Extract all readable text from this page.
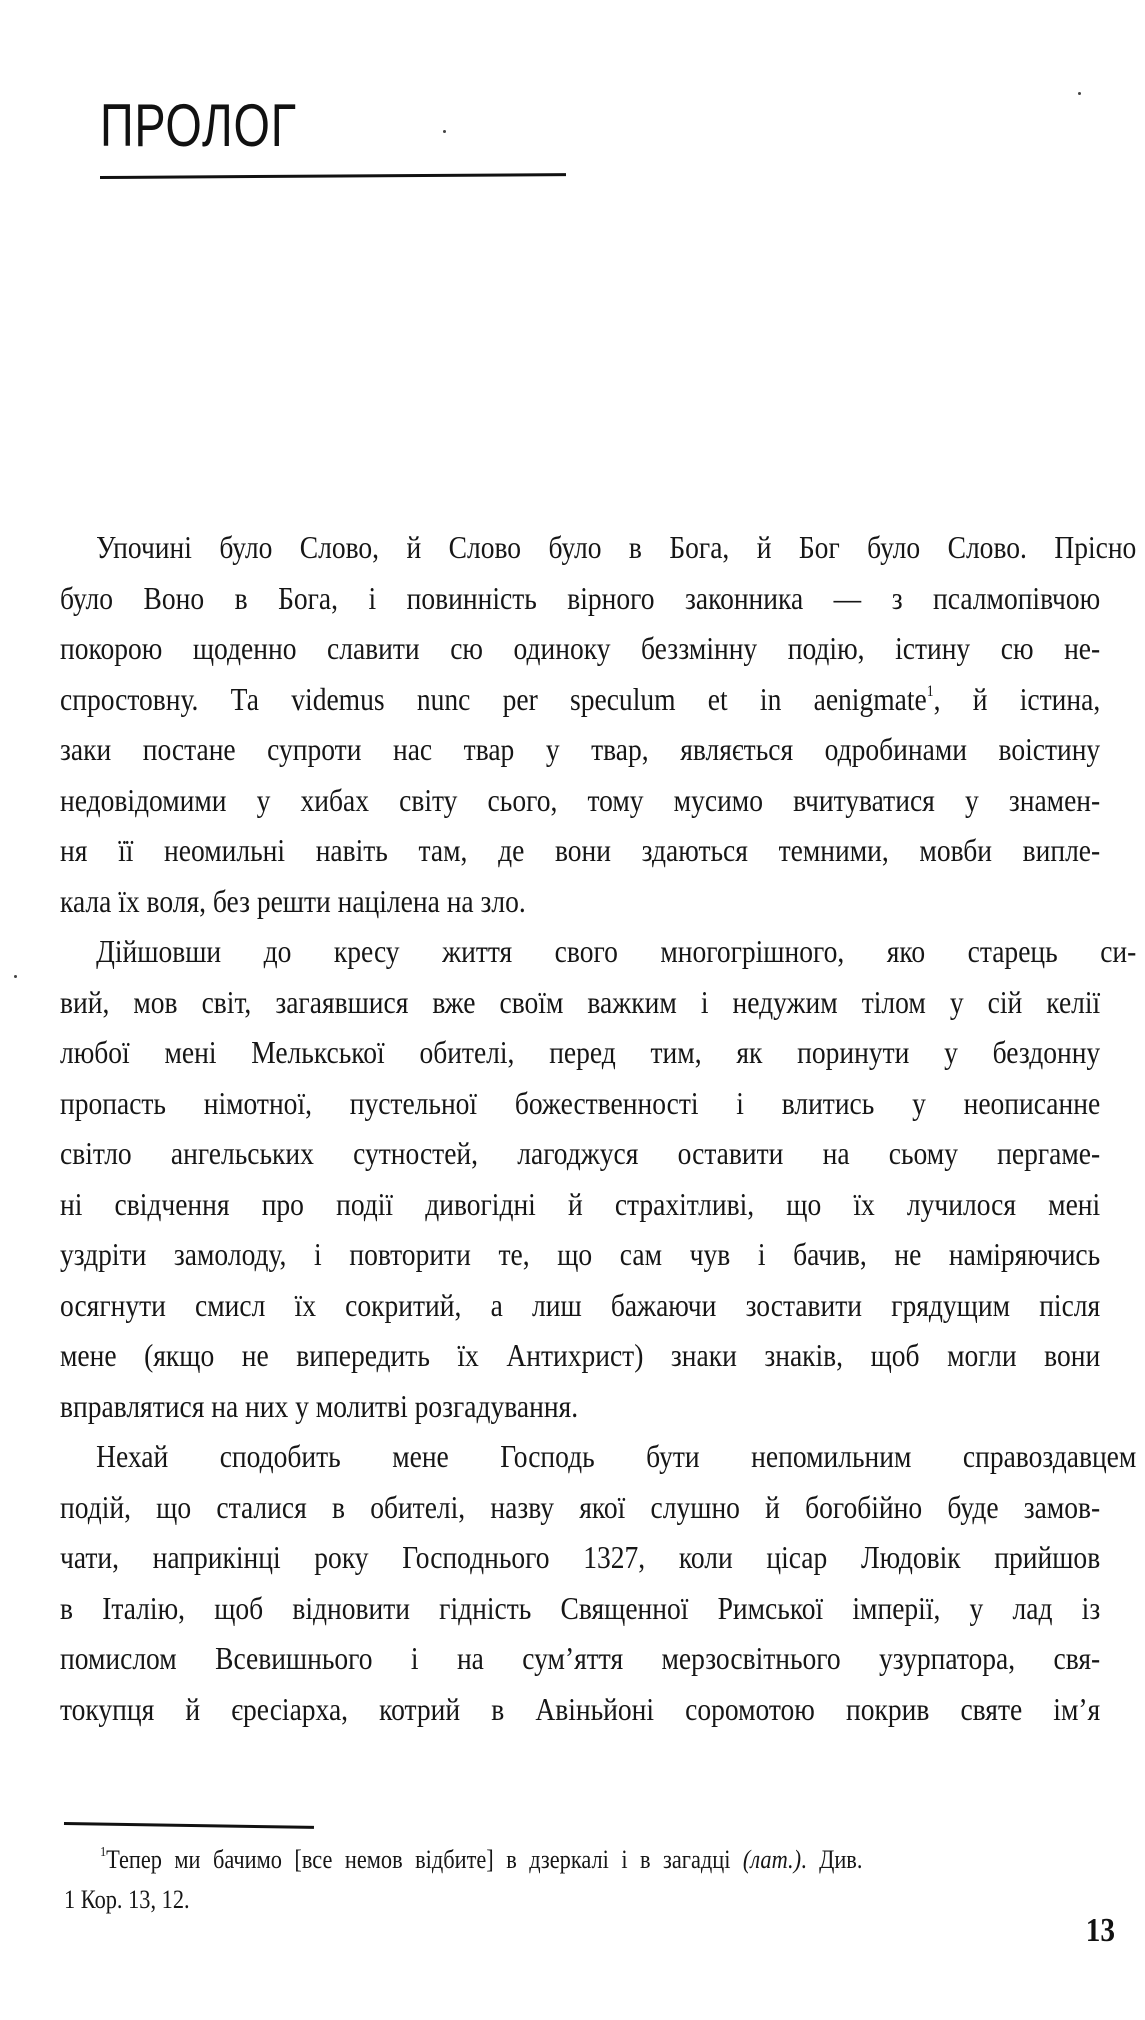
ПРОЛОГ
Упочині було Слово, й Слово було в Бога, й Бог було Слово. Прісно
було Воно в Бога, і повинність вірного законника — з псалмопівчою
покорою щоденно славити сю одиноку беззмінну подію, істину сю не-
спростовну. Та videmus nunc per speculum et in aenigmate$^1$, й істина,
заки постане супроти нас твар у твар, являється одробинами воістину
недовідомими у хибах світу сього, тому мусимо вчитуватися у знамен-
ня її неомильні навіть там, де вони здаються темними, мовби випле-
кала їх воля, без решти націлена на зло.
Дійшовши до кресу життя свого многогрішного, яко старець си-
вий, мов світ, загаявшися вже своїм важким і недужим тілом у сій келії
любої мені Мелькської обителі, перед тим, як поринути у бездонну
пропасть німотної, пустельної божественності і влитись у неописанне
світло ангельських сутностей, лагоджуся оставити на сьому пергаме-
ні свідчення про події дивогідні й страхітливі, що їх лучилося мені
уздріти замолоду, і повторити те, що сам чув і бачив, не наміряючись
осягнути смисл їх сокритий, а лиш бажаючи зоставити грядущим після
мене (якщо не випередить їх Антихрист) знаки знаків, щоб могли вони
вправлятися на них у молитві розгадування.
Нехай сподобить мене Господь бути непомильним справоздавцем
подій, що сталися в обителі, назву якої слушно й богобійно буде замов-
чати, наприкінці року Господнього 1327, коли цісар Людовік прийшов
в Італію, щоб відновити гідність Священної Римської імперії, у лад із
помислом Всевишнього і на сум’яття мерзосвітнього узурпатора, свя-
токупця й єресіарха, котрий в Авіньйоні соромотою покрив святе ім’я
$^1$Тепер ми бачимо [все немов відбите] в дзеркалі і в загадці (лат.). Див.
1 Кор. 13, 12.
13
